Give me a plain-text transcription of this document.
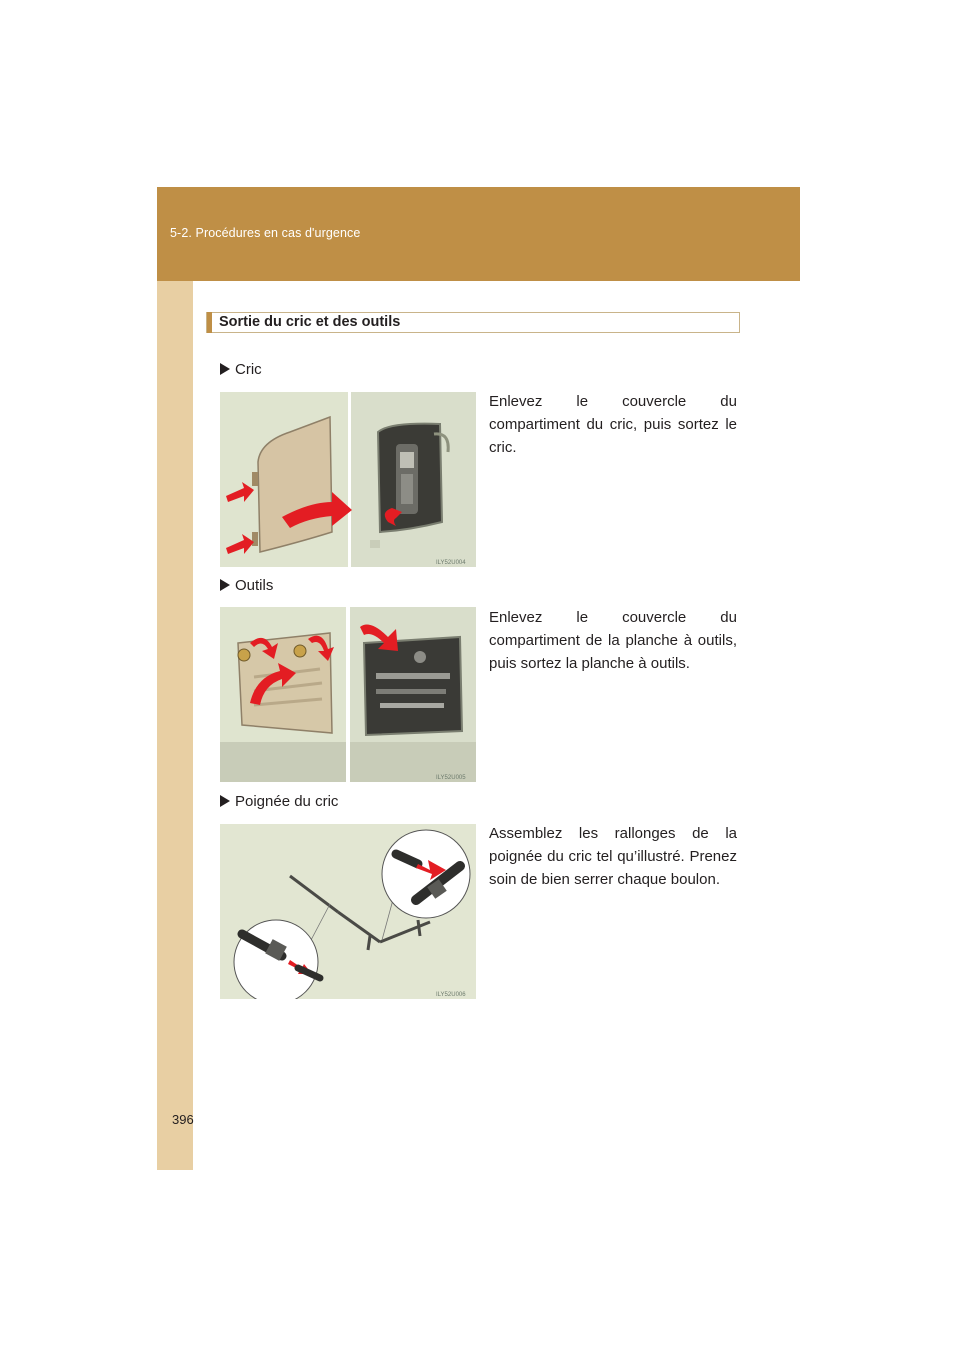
5-2. Procédures en cas d'urgence
Sortie du cric et des outils
Cric
ILY52U004
Enlevez le couvercle du compartiment du cric, puis sortez le cric.
Outils
ILY52U005
Enlevez le couvercle du compartiment de la planche à outils, puis sortez la planche à outils.
Poignée du cric
ILY52U006
Assemblez les rallonges de la poignée du cric tel qu’illustré. Prenez soin de bien serrer chaque boulon.
396
